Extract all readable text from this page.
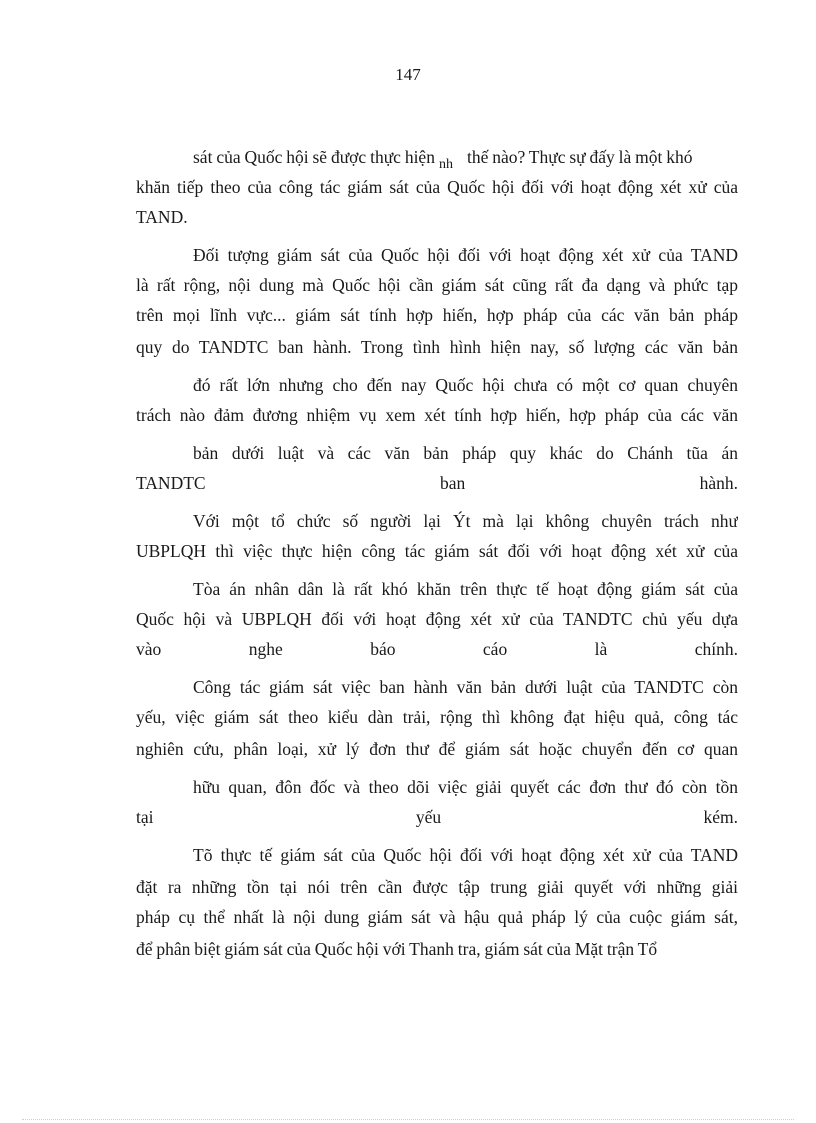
147
sát của Quốc hội sẽ được thực hiện $_{nh}$ thế nào? Thực sự đấy là một khó
khăn tiếp theo của công tác giám sát của Quốc hội đối với hoạt động xét xử của
TAND.
Đối tượng giám sát của Quốc hội đối với hoạt động xét xử của TAND
là rất rộng, nội dung mà Quốc hội cần giám sát cũng rất đa dạng và phức tạp
trên mọi lĩnh vực... giám sát tính hợp hiến, hợp pháp của các văn bản pháp
quy do TANDTC ban hành. Trong tình hình hiện nay, số lượng các văn bản
đó rất lớn nhưng cho đến nay Quốc hội chưa có một cơ quan chuyên
trách nào đảm đương nhiệm vụ xem xét tính hợp hiến, hợp pháp của các văn
bản dưới luật và các văn bản pháp quy khác do Chánh tũa án
TANDTC	ban	hành.
Với một tổ chức số người lại Ýt mà lại không chuyên trách như
UBPLQH thì việc thực hiện công tác giám sát đối với hoạt động xét xử của
Tòa án nhân dân là rất khó khăn trên thực tế hoạt động giám sát của
Quốc hội và UBPLQH đối với hoạt động xét xử của TANDTC chủ yếu dựa
vào	nghe	báo	cáo	là	chính.
Công tác giám sát việc ban hành văn bản dưới luật của TANDTC còn
yếu, việc giám sát theo kiểu dàn trải, rộng thì không đạt hiệu quả, công tác
nghiên cứu, phân loại, xử lý đơn thư để giám sát hoặc chuyển đến cơ quan
hữu quan, đôn đốc và theo dõi việc giải quyết các đơn thư đó còn tồn
tại	yếu	kém.
Tõ thực tế giám sát của Quốc hội đối với hoạt động xét xử của TAND
đặt ra những tồn tại nói trên cần được tập trung giải quyết với những giải
pháp cụ thể nhất là nội dung giám sát và hậu quả pháp lý của cuộc giám sát,
để phân biệt giám sát của Quốc hội với Thanh tra, giám sát của Mặt trận Tổ
